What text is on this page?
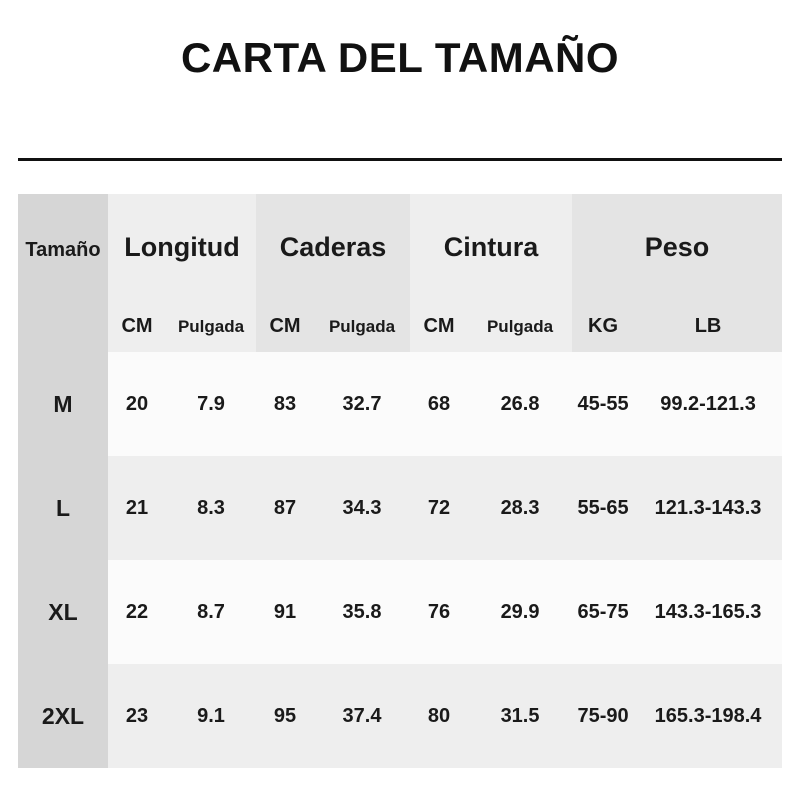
CARTA DEL TAMAÑO
Tamaño	Longitud		Caderas		Cintura		Peso	
	CM	Pulgada	CM	Pulgada	CM	Pulgada	KG	LB
M	20	7.9	83	32.7	68	26.8	45-55	99.2-121.3
L	21	8.3	87	34.3	72	28.3	55-65	121.3-143.3
XL	22	8.7	91	35.8	76	29.9	65-75	143.3-165.3
2XL	23	9.1	95	37.4	80	31.5	75-90	165.3-198.4
